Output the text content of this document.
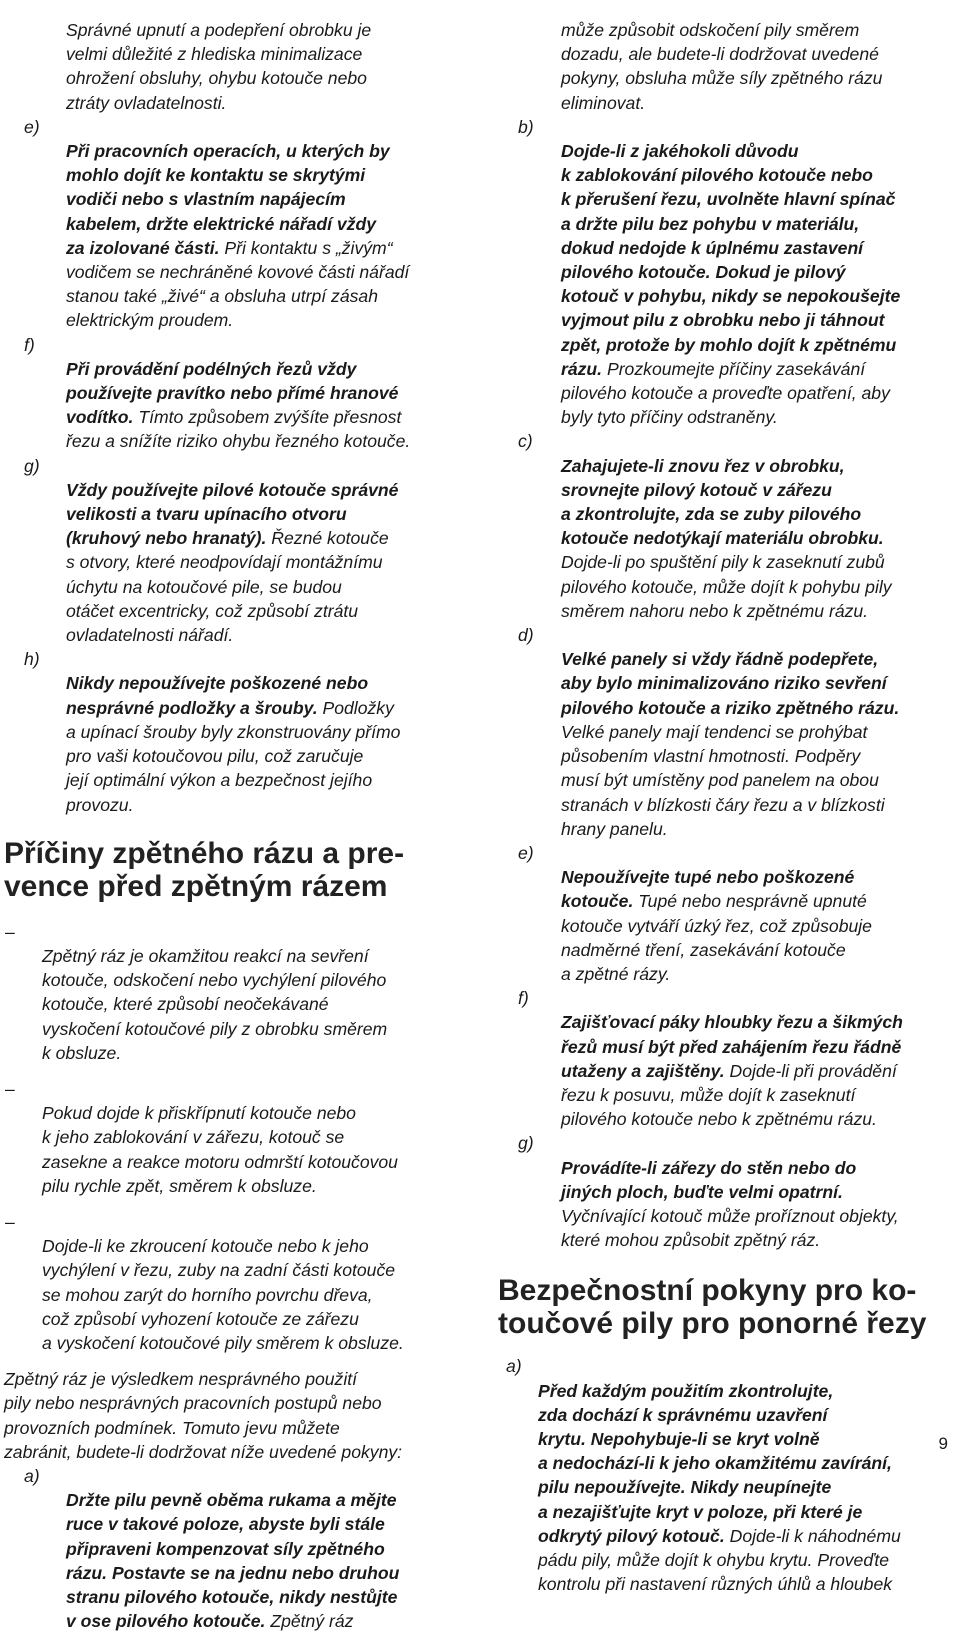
Správné upnutí a podepření obrobku je
velmi důležité z hlediska minimalizace
ohrožení obsluhy, ohybu kotouče nebo
ztráty ovladatelnosti.

e)
Při pracovních operacích, u kterých by
mohlo dojít ke kontaktu se skrytými
vodiči nebo s vlastním napájecím
kabelem, držte elektrické nářadí vždy
za izolované části. Při kontaktu s „živým“
vodičem se nechráněné kovové části nářadí
stanou také „živé“ a obsluha utrpí zásah
elektrickým proudem.

f)
Při provádění podélných řezů vždy
používejte pravítko nebo přímé hranové
vodítko. Tímto způsobem zvýšíte přesnost
řezu a snížíte riziko ohybu řezného kotouče.

g)
Vždy používejte pilové kotouče správné
velikosti a tvaru upínacího otvoru
(kruhový nebo hranatý). Řezné kotouče
s otvory, které neodpovídají montážnímu
úchytu na kotoučové pile, se budou
otáčet excentricky, což způsobí ztrátu
ovladatelnosti nářadí.

h)
Nikdy nepoužívejte poškozené nebo
nesprávné podložky a šrouby. Podložky
a upínací šrouby byly zkonstruovány přímo
pro vaši kotoučovou pilu, což zaručuje
její optimální výkon a bezpečnost jejího
provozu.

Příčiny zpětného rázu a pre-
vence před zpětným rázem

–
Zpětný ráz je okamžitou reakcí na sevření
kotouče, odskočení nebo vychýlení pilového
kotouče, které způsobí neočekávané
vyskočení kotoučové pily z obrobku směrem
k obsluze.

–
Pokud dojde k přiskřípnutí kotouče nebo
k jeho zablokování v zářezu, kotouč se
zasekne a reakce motoru odmrští kotoučovou
pilu rychle zpět, směrem k obsluze.

–
Dojde-li ke zkroucení kotouče nebo k jeho
vychýlení v řezu, zuby na zadní části kotouče
se mohou zarýt do horního povrchu dřeva,
což způsobí vyhození kotouče ze zářezu
a vyskočení kotoučové pily směrem k obsluze.

Zpětný ráz je výsledkem nesprávného použití
pily nebo nesprávných pracovních postupů nebo
provozních podmínek. Tomuto jevu můžete
zabránit, budete-li dodržovat níže uvedené pokyny:

a)
Držte pilu pevně oběma rukama a mějte
ruce v takové poloze, abyste byli stále
připraveni kompenzovat síly zpětného
rázu. Postavte se na jednu nebo druhou
stranu pilového kotouče, nikdy nestůjte
v ose pilového kotouče. Zpětný ráz

může způsobit odskočení pily směrem
dozadu, ale budete-li dodržovat uvedené
pokyny, obsluha může síly zpětného rázu
eliminovat.

b)
Dojde-li z jakéhokoli důvodu
k zablokování pilového kotouče nebo
k přerušení řezu, uvolněte hlavní spínač
a držte pilu bez pohybu v materiálu,
dokud nedojde k úplnému zastavení
pilového kotouče. Dokud je pilový
kotouč v pohybu, nikdy se nepokoušejte
vyjmout pilu z obrobku nebo ji táhnout
zpět, protože by mohlo dojít k zpětnému
rázu. Prozkoumejte příčiny zasekávání
pilového kotouče a proveďte opatření, aby
byly tyto příčiny odstraněny.

c)
Zahajujete-li znovu řez v obrobku,
srovnejte pilový kotouč v zářezu
a zkontrolujte, zda se zuby pilového
kotouče nedotýkají materiálu obrobku.
Dojde-li po spuštění pily k zaseknutí zubů
pilového kotouče, může dojít k pohybu pily
směrem nahoru nebo k zpětnému rázu.

d)
Velké panely si vždy řádně podepřete,
aby bylo minimalizováno riziko sevření
pilového kotouče a riziko zpětného rázu.
Velké panely mají tendenci se prohýbat
působením vlastní hmotnosti. Podpěry
musí být umístěny pod panelem na obou
stranách v blízkosti čáry řezu a v blízkosti
hrany panelu.

e)
Nepoužívejte tupé nebo poškozené
kotouče. Tupé nebo nesprávně upnuté
kotouče vytváří úzký řez, což způsobuje
nadměrné tření, zasekávání kotouče
a zpětné rázy.

f)
Zajišťovací páky hloubky řezu a šikmých
řezů musí být před zahájením řezu řádně
utaženy a zajištěny. Dojde-li při provádění
řezu k posuvu, může dojít k zaseknutí
pilového kotouče nebo k zpětnému rázu.

g)
Provádíte-li zářezy do stěn nebo do
jiných ploch, buďte velmi opatrní.
Vyčnívající kotouč může proříznout objekty,
které mohou způsobit zpětný ráz.

Bezpečnostní pokyny pro ko-
toučové pily pro ponorné řezy

a)
Před každým použitím zkontrolujte,
zda dochází k správnému uzavření
krytu. Nepohybuje-li se kryt volně
a nedochází-li k jeho okamžitému zavírání,
pilu nepoužívejte. Nikdy neupínejte
a nezajišťujte kryt v poloze, při které je
odkrytý pilový kotouč. Dojde-li k náhodnému
pádu pily, může dojít k ohybu krytu. Proveďte
kontrolu při nastavení různých úhlů a hloubek

9
